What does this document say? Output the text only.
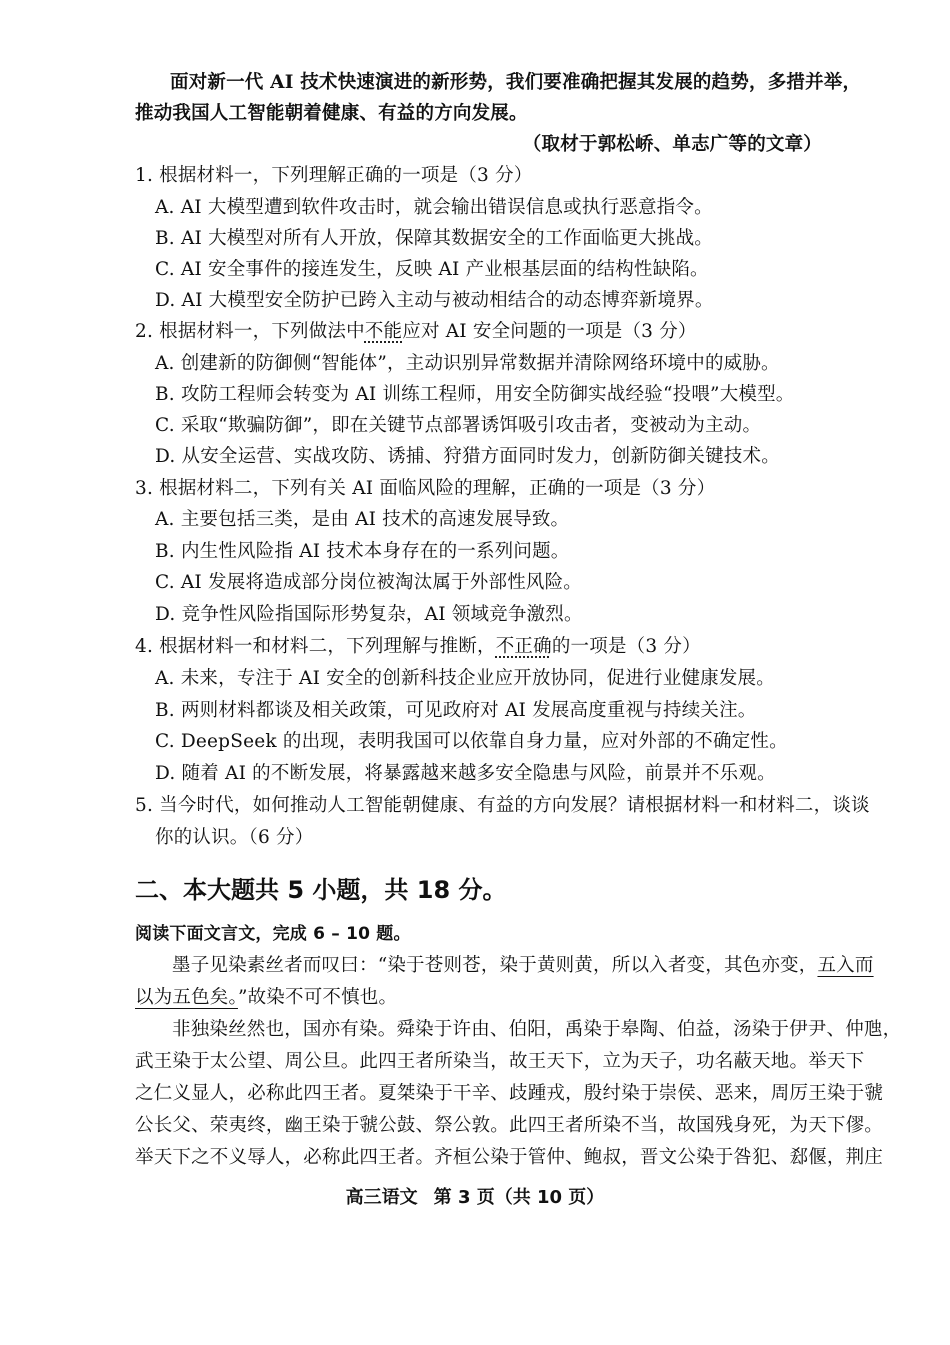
面对新一代 AI 技术快速演进的新形势，我们要准确把握其发展的趋势，多措并举，
推动我国人工智能朝着健康、有益的方向发展。
（取材于郭松峤、单志广等的文章）
1. 根据材料一，下列理解正确的一项是（3 分）
A. AI 大模型遭到软件攻击时，就会输出错误信息或执行恶意指令。
B. AI 大模型对所有人开放，保障其数据安全的工作面临更大挑战。
C. AI 安全事件的接连发生，反映 AI 产业根基层面的结构性缺陷。
D. AI 大模型安全防护已跨入主动与被动相结合的动态博弈新境界。
2. 根据材料一，下列做法中不能应对 AI 安全问题的一项是（3 分）
A. 创建新的防御侧“智能体”，主动识别异常数据并清除网络环境中的威胁。
B. 攻防工程师会转变为 AI 训练工程师，用安全防御实战经验“投喂”大模型。
C. 采取“欺骗防御”，即在关键节点部署诱饵吸引攻击者，变被动为主动。
D. 从安全运营、实战攻防、诱捕、狩猎方面同时发力，创新防御关键技术。
3. 根据材料二，下列有关 AI 面临风险的理解，正确的一项是（3 分）
A. 主要包括三类，是由 AI 技术的高速发展导致。
B. 内生性风险指 AI 技术本身存在的一系列问题。
C. AI 发展将造成部分岗位被淘汰属于外部性风险。
D. 竞争性风险指国际形势复杂，AI 领域竞争激烈。
4. 根据材料一和材料二，下列理解与推断，不正确的一项是（3 分）
A. 未来，专注于 AI 安全的创新科技企业应开放协同，促进行业健康发展。
B. 两则材料都谈及相关政策，可见政府对 AI 发展高度重视与持续关注。
C. DeepSeek 的出现，表明我国可以依靠自身力量，应对外部的不确定性。
D. 随着 AI 的不断发展，将暴露越来越多安全隐患与风险，前景并不乐观。
5. 当今时代，如何推动人工智能朝健康、有益的方向发展？请根据材料一和材料二，谈谈
你的认识。（6 分）
二、本大题共 5 小题，共 18 分。
阅读下面文言文，完成 6 – 10 题。
墨子见染素丝者而叹曰：“染于苍则苍，染于黄则黄，所以入者变，其色亦变，五入而
以为五色矣。”故染不可不慎也。
非独染丝然也，国亦有染。舜染于许由、伯阳，禹染于皋陶、伯益，汤染于伊尹、仲虺，
武王染于太公望、周公旦。此四王者所染当，故王天下，立为天子，功名蔽天地。举天下
之仁义显人，必称此四王者。夏桀染于干辛、歧踵戎，殷纣染于崇侯、恶来，周厉王染于虢
公长父、荣夷终，幽王染于虢公鼓、祭公敦。此四王者所染不当，故国残身死，为天下僇。
举天下之不义辱人，必称此四王者。齐桓公染于管仲、鲍叔，晋文公染于咎犯、郄偃，荆庄
高三语文 第 3 页（共 10 页）
